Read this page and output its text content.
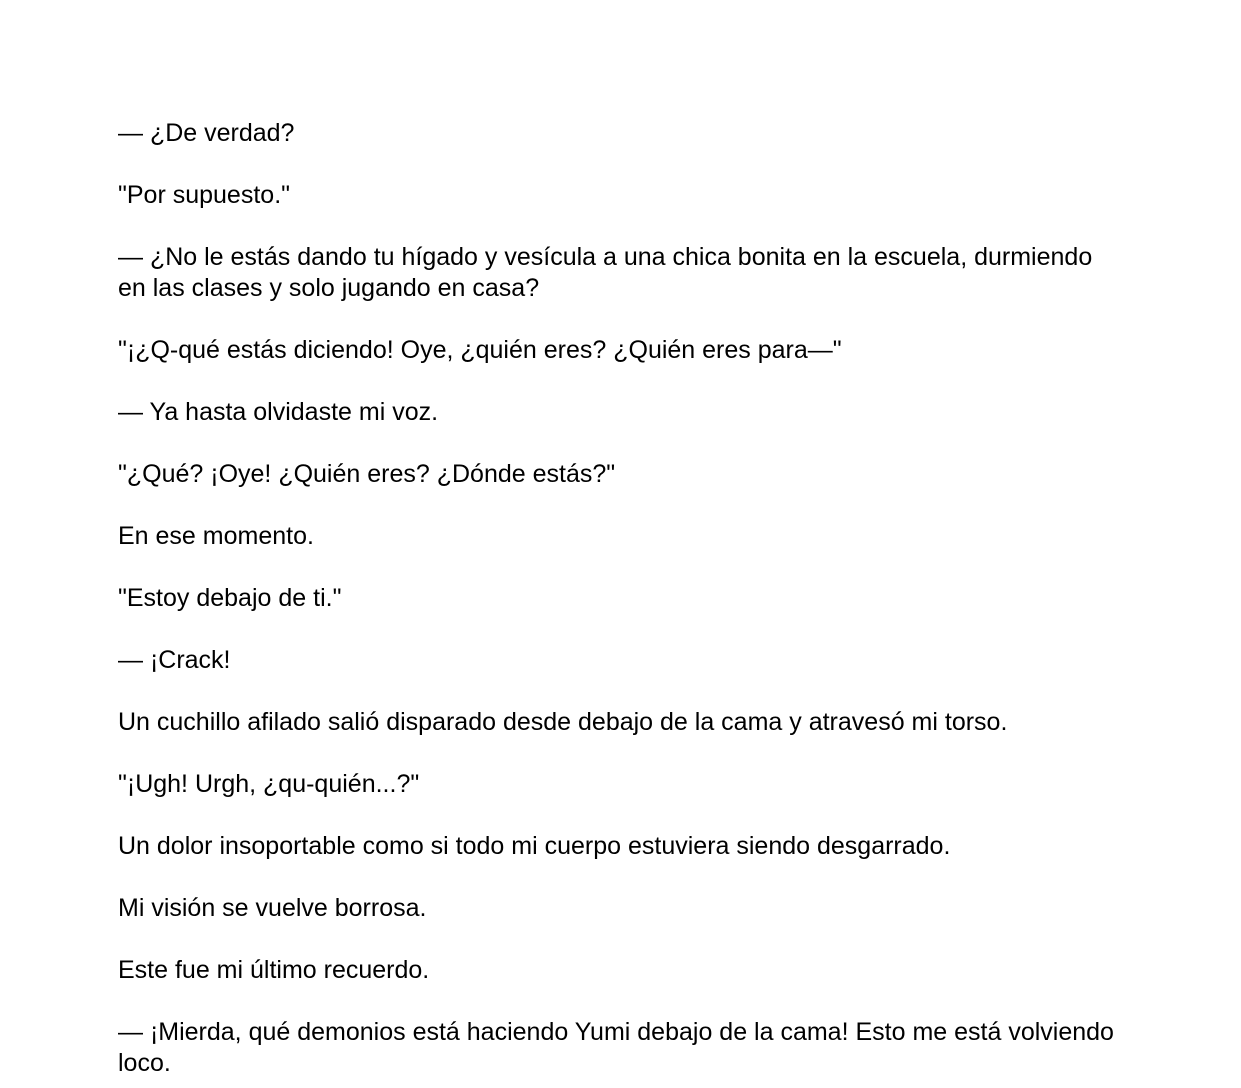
— ¿De verdad?

"Por supuesto."

— ¿No le estás dando tu hígado y vesícula a una chica bonita en la escuela, durmiendo en las clases y solo jugando en casa?

"¡¿Q-qué estás diciendo! Oye, ¿quién eres? ¿Quién eres para—"

— Ya hasta olvidaste mi voz.

"¿Qué? ¡Oye! ¿Quién eres? ¿Dónde estás?"

En ese momento.

"Estoy debajo de ti."

— ¡Crack!

Un cuchillo afilado salió disparado desde debajo de la cama y atravesó mi torso.

"¡Ugh! Urgh, ¿qu-quién...?"

Un dolor insoportable como si todo mi cuerpo estuviera siendo desgarrado.

Mi visión se vuelve borrosa.

Este fue mi último recuerdo.

— ¡Mierda, qué demonios está haciendo Yumi debajo de la cama! Esto me está volviendo loco.
